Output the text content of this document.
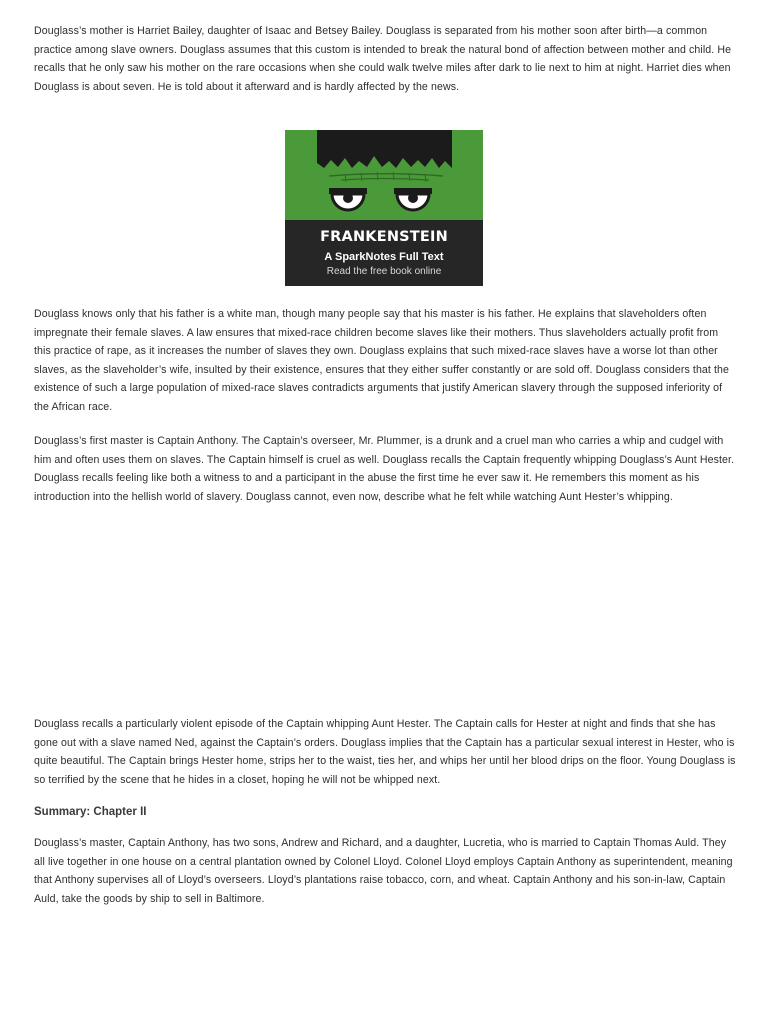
Douglass’s mother is Harriet Bailey, daughter of Isaac and Betsey Bailey. Douglass is separated from his mother soon after birth—a common practice among slave owners. Douglass assumes that this custom is intended to break the natural bond of affection between mother and child. He recalls that he only saw his mother on the rare occasions when she could walk twelve miles after dark to lie next to him at night. Harriet dies when Douglass is about seven. He is told about it afterward and is hardly affected by the news.

FRANKENSTEIN
A SparkNotes Full Text
Read the free book online

Douglass knows only that his father is a white man, though many people say that his master is his father. He explains that slaveholders often impregnate their female slaves. A law ensures that mixed-race children become slaves like their mothers. Thus slaveholders actually profit from this practice of rape, as it increases the number of slaves they own. Douglass explains that such mixed-race slaves have a worse lot than other slaves, as the slaveholder’s wife, insulted by their existence, ensures that they either suffer constantly or are sold off. Douglass considers that the existence of such a large population of mixed-race slaves contradicts arguments that justify American slavery through the supposed inferiority of the African race.

Douglass’s first master is Captain Anthony. The Captain’s overseer, Mr. Plummer, is a drunk and a cruel man who carries a whip and cudgel with him and often uses them on slaves. The Captain himself is cruel as well. Douglass recalls the Captain frequently whipping Douglass’s Aunt Hester. Douglass recalls feeling like both a witness to and a participant in the abuse the first time he ever saw it. He remembers this moment as his introduction into the hellish world of slavery. Douglass cannot, even now, describe what he felt while watching Aunt Hester’s whipping.

Douglass recalls a particularly violent episode of the Captain whipping Aunt Hester. The Captain calls for Hester at night and finds that she has gone out with a slave named Ned, against the Captain’s orders. Douglass implies that the Captain has a particular sexual interest in Hester, who is quite beautiful. The Captain brings Hester home, strips her to the waist, ties her, and whips her until her blood drips on the floor. Young Douglass is so terrified by the scene that he hides in a closet, hoping he will not be whipped next.

Summary: Chapter II

Douglass’s master, Captain Anthony, has two sons, Andrew and Richard, and a daughter, Lucretia, who is married to Captain Thomas Auld. They all live together in one house on a central plantation owned by Colonel Lloyd. Colonel Lloyd employs Captain Anthony as superintendent, meaning that Anthony supervises all of Lloyd’s overseers. Lloyd’s plantations raise tobacco, corn, and wheat. Captain Anthony and his son-in-law, Captain Auld, take the goods by ship to sell in Baltimore.
